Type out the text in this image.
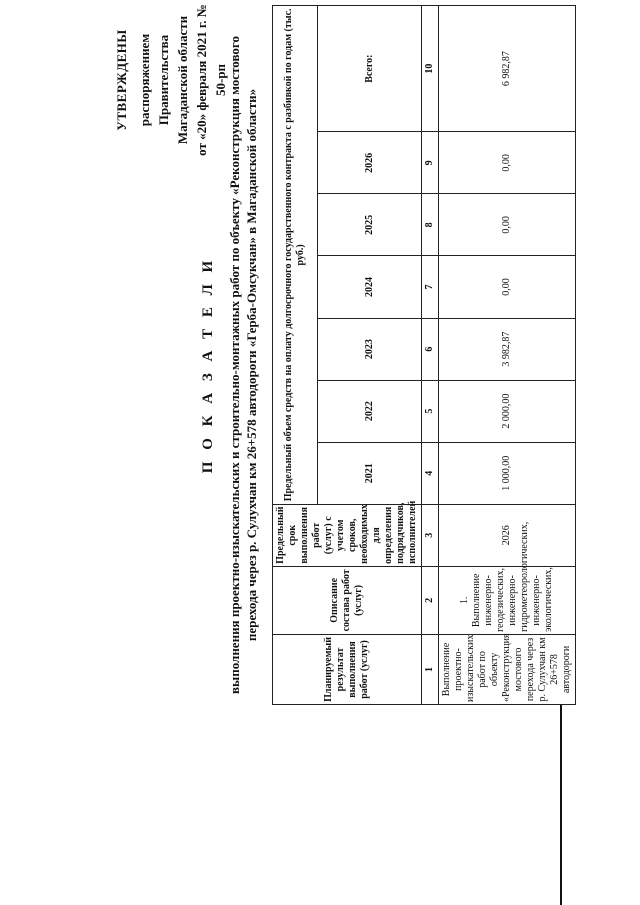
УТВЕРЖДЕНЫ распоряжением Правительства Магаданской области от «20» февраля 2021 г. № 50-рп
П О К А З А Т Е Л И выполнения проектно-изыскательских и строительно-монтажных работ по объекту «Реконструкция мостового перехода через р. Сулухчан км 26+578 автодороги «Герба-Омсукчан» в Магаданской области»
Планируемый результат выполнения работ (услуг)	Описание состава работ (услуг)	Предельный срок выполнения работ (услуг) с учетом сроков, необходимых для определения подрядчиков, исполнителей	Предельный объем средств на оплату долгосрочного государственного контракта с разбивкой по годам (тыс. руб.)						
			2021	2022	2023	2024	2025	2026	Всего:
1	2	3	4	5	6	7	8	9	10
Выполнение проектно-изыскательских работ по объекту «Реконструкция мостового перехода через р. Сулухчан км 26+578 автодороги	1. Выполнение инженерно-геодезических, инженерно-гидрометеорологических, инженерно-экологических,	2026	1 000,00	2 000,00	3 982,87	0,00	0,00	0,00	6 982,87
